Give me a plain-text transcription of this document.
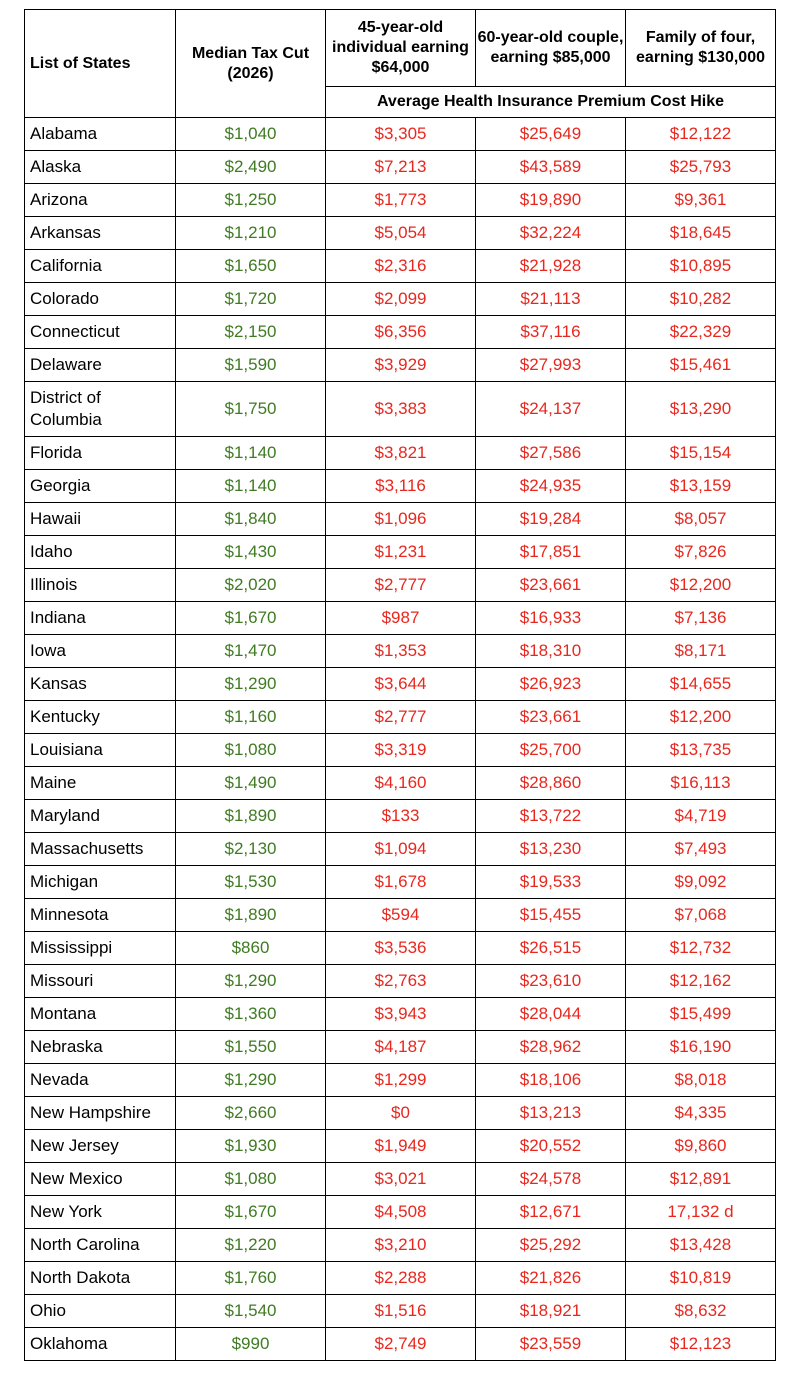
List of States	Median Tax Cut (2026)	45-year-old individual earning $64,000	60-year-old couple, earning $85,000	Family of four, earning $130,000
		Average Health Insurance Premium Cost Hike		
Alabama	$1,040	$3,305	$25,649	$12,122
Alaska	$2,490	$7,213	$43,589	$25,793
Arizona	$1,250	$1,773	$19,890	$9,361
Arkansas	$1,210	$5,054	$32,224	$18,645
California	$1,650	$2,316	$21,928	$10,895
Colorado	$1,720	$2,099	$21,113	$10,282
Connecticut	$2,150	$6,356	$37,116	$22,329
Delaware	$1,590	$3,929	$27,993	$15,461
District of Columbia	$1,750	$3,383	$24,137	$13,290
Florida	$1,140	$3,821	$27,586	$15,154
Georgia	$1,140	$3,116	$24,935	$13,159
Hawaii	$1,840	$1,096	$19,284	$8,057
Idaho	$1,430	$1,231	$17,851	$7,826
Illinois	$2,020	$2,777	$23,661	$12,200
Indiana	$1,670	$987	$16,933	$7,136
Iowa	$1,470	$1,353	$18,310	$8,171
Kansas	$1,290	$3,644	$26,923	$14,655
Kentucky	$1,160	$2,777	$23,661	$12,200
Louisiana	$1,080	$3,319	$25,700	$13,735
Maine	$1,490	$4,160	$28,860	$16,113
Maryland	$1,890	$133	$13,722	$4,719
Massachusetts	$2,130	$1,094	$13,230	$7,493
Michigan	$1,530	$1,678	$19,533	$9,092
Minnesota	$1,890	$594	$15,455	$7,068
Mississippi	$860	$3,536	$26,515	$12,732
Missouri	$1,290	$2,763	$23,610	$12,162
Montana	$1,360	$3,943	$28,044	$15,499
Nebraska	$1,550	$4,187	$28,962	$16,190
Nevada	$1,290	$1,299	$18,106	$8,018
New Hampshire	$2,660	$0	$13,213	$4,335
New Jersey	$1,930	$1,949	$20,552	$9,860
New Mexico	$1,080	$3,021	$24,578	$12,891
New York	$1,670	$4,508	$12,671	17,132 d
North Carolina	$1,220	$3,210	$25,292	$13,428
North Dakota	$1,760	$2,288	$21,826	$10,819
Ohio	$1,540	$1,516	$18,921	$8,632
Oklahoma	$990	$2,749	$23,559	$12,123
